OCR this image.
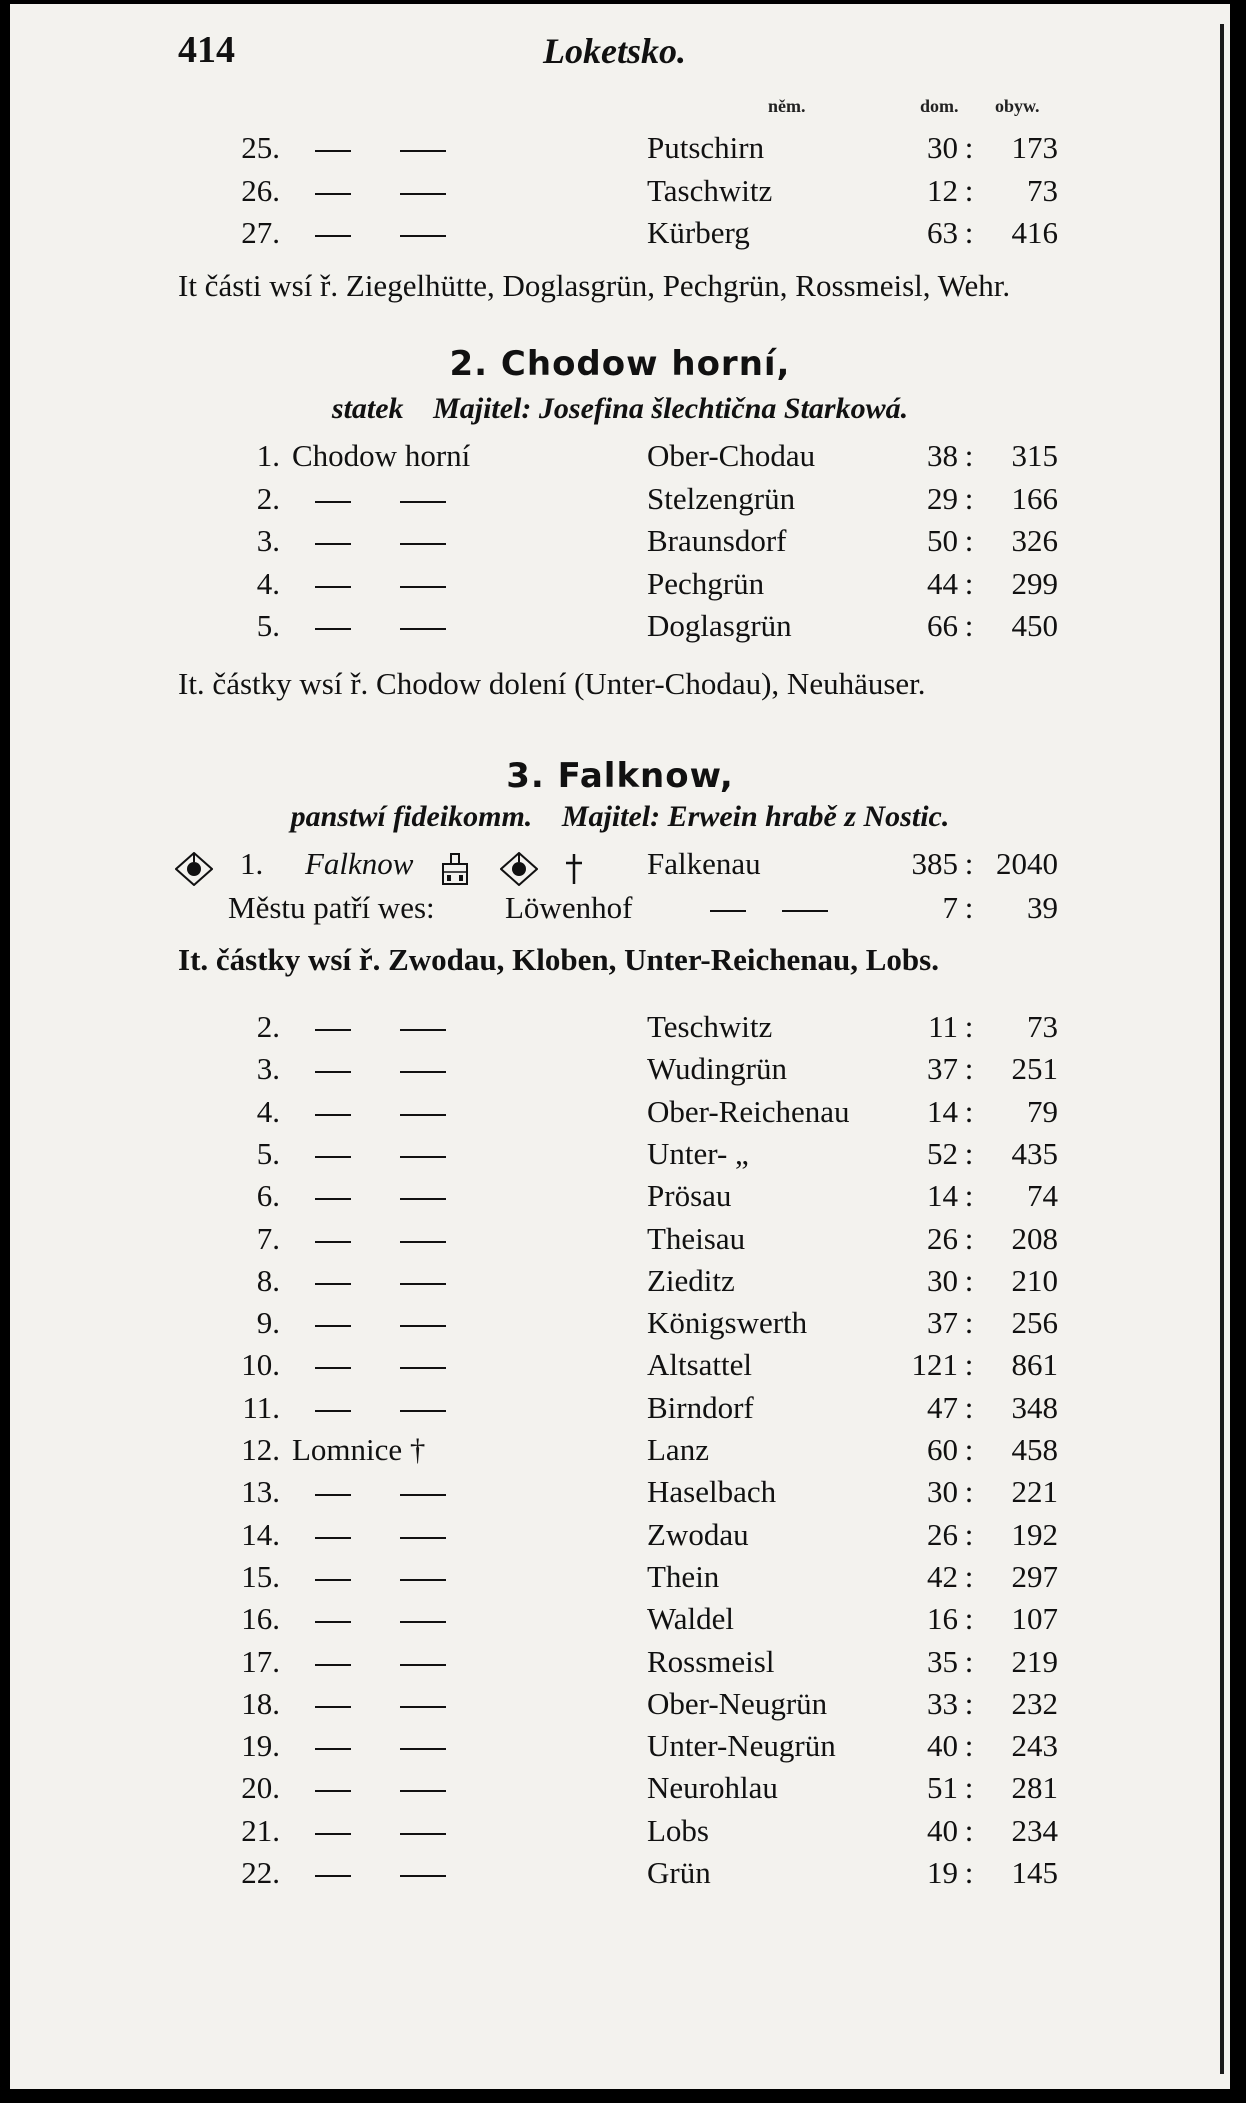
414	Loketsko.
něm.	dom. obyw.
25.	Putschirn	30 :	173
26.	Taschwitz	12 :	73
27.	Kürberg	63 :	416
It části wsí ř. Ziegelhütte, Doglasgrün, Pechgrün, Rossmeisl, Wehr.
2. Chodow horní,
statek Majitel: Josefina šlechtična Starkowá.
1. Chodow horní	Ober-Chodau	38 :	315
2.	Stelzengrün	29 :	166
3.	Braunsdorf	50 :	326
4.	Pechgrün	44 :	299
5.	Doglasgrün	66 :	450
It. částky wsí ř. Chodow dolení (Unter-Chodau), Neuhäuser.
3. Falknow,
panstwí fideikomm. Majitel: Erwein hrabě z Nostic.
1. Falknow	Falkenau	385 : 2040
Městu patří wes: Löwenhof	7 :	39
It. částky wsí ř. Zwodau, Kloben, Unter-Reichenau, Lobs.
2.	Teschwitz	11 :	73
3.	Wudingrün	37 :	251
4.	Ober-Reichenau	14 :	79
5.	Unter- „	52 :	435
6.	Prösau	14 :	74
7.	Theisau	26 :	208
8.	Zieditz	30 :	210
9.	Königswerth	37 :	256
10.	Altsattel	121 :	861
11.	Birndorf	47 :	348
12. Lomnice †	Lanz	60 :	458
13.	Haselbach	30 :	221
14.	Zwodau	26 :	192
15.	Thein	42 :	297
16.	Waldel	16 :	107
17.	Rossmeisl	35 :	219
18.	Ober-Neugrün	33 :	232
19.	Unter-Neugrün	40 :	243
20.	Neurohlau	51 :	281
21.	Lobs	40 :	234
22.	Grün	19 :	145
